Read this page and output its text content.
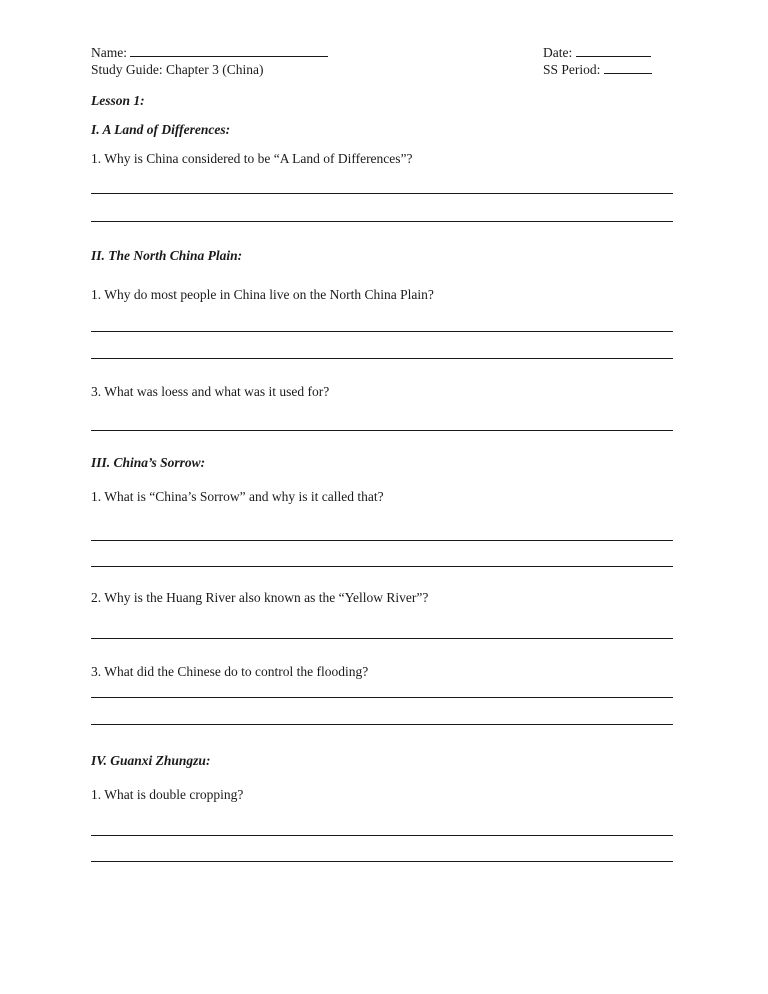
Name:
Study Guide: Chapter 3 (China)
Date:
SS Period:
Lesson 1:
I. A Land of Differences:
1. Why is China considered to be “A Land of Differences”?
II. The North China Plain:
1. Why do most people in China live on the North China Plain?
3. What was loess and what was it used for?
III. China’s Sorrow:
1. What is “China’s Sorrow” and why is it called that?
2. Why is the Huang River also known as the “Yellow River”?
3. What did the Chinese do to control the flooding?
IV. Guanxi Zhungzu:
1. What is double cropping?
